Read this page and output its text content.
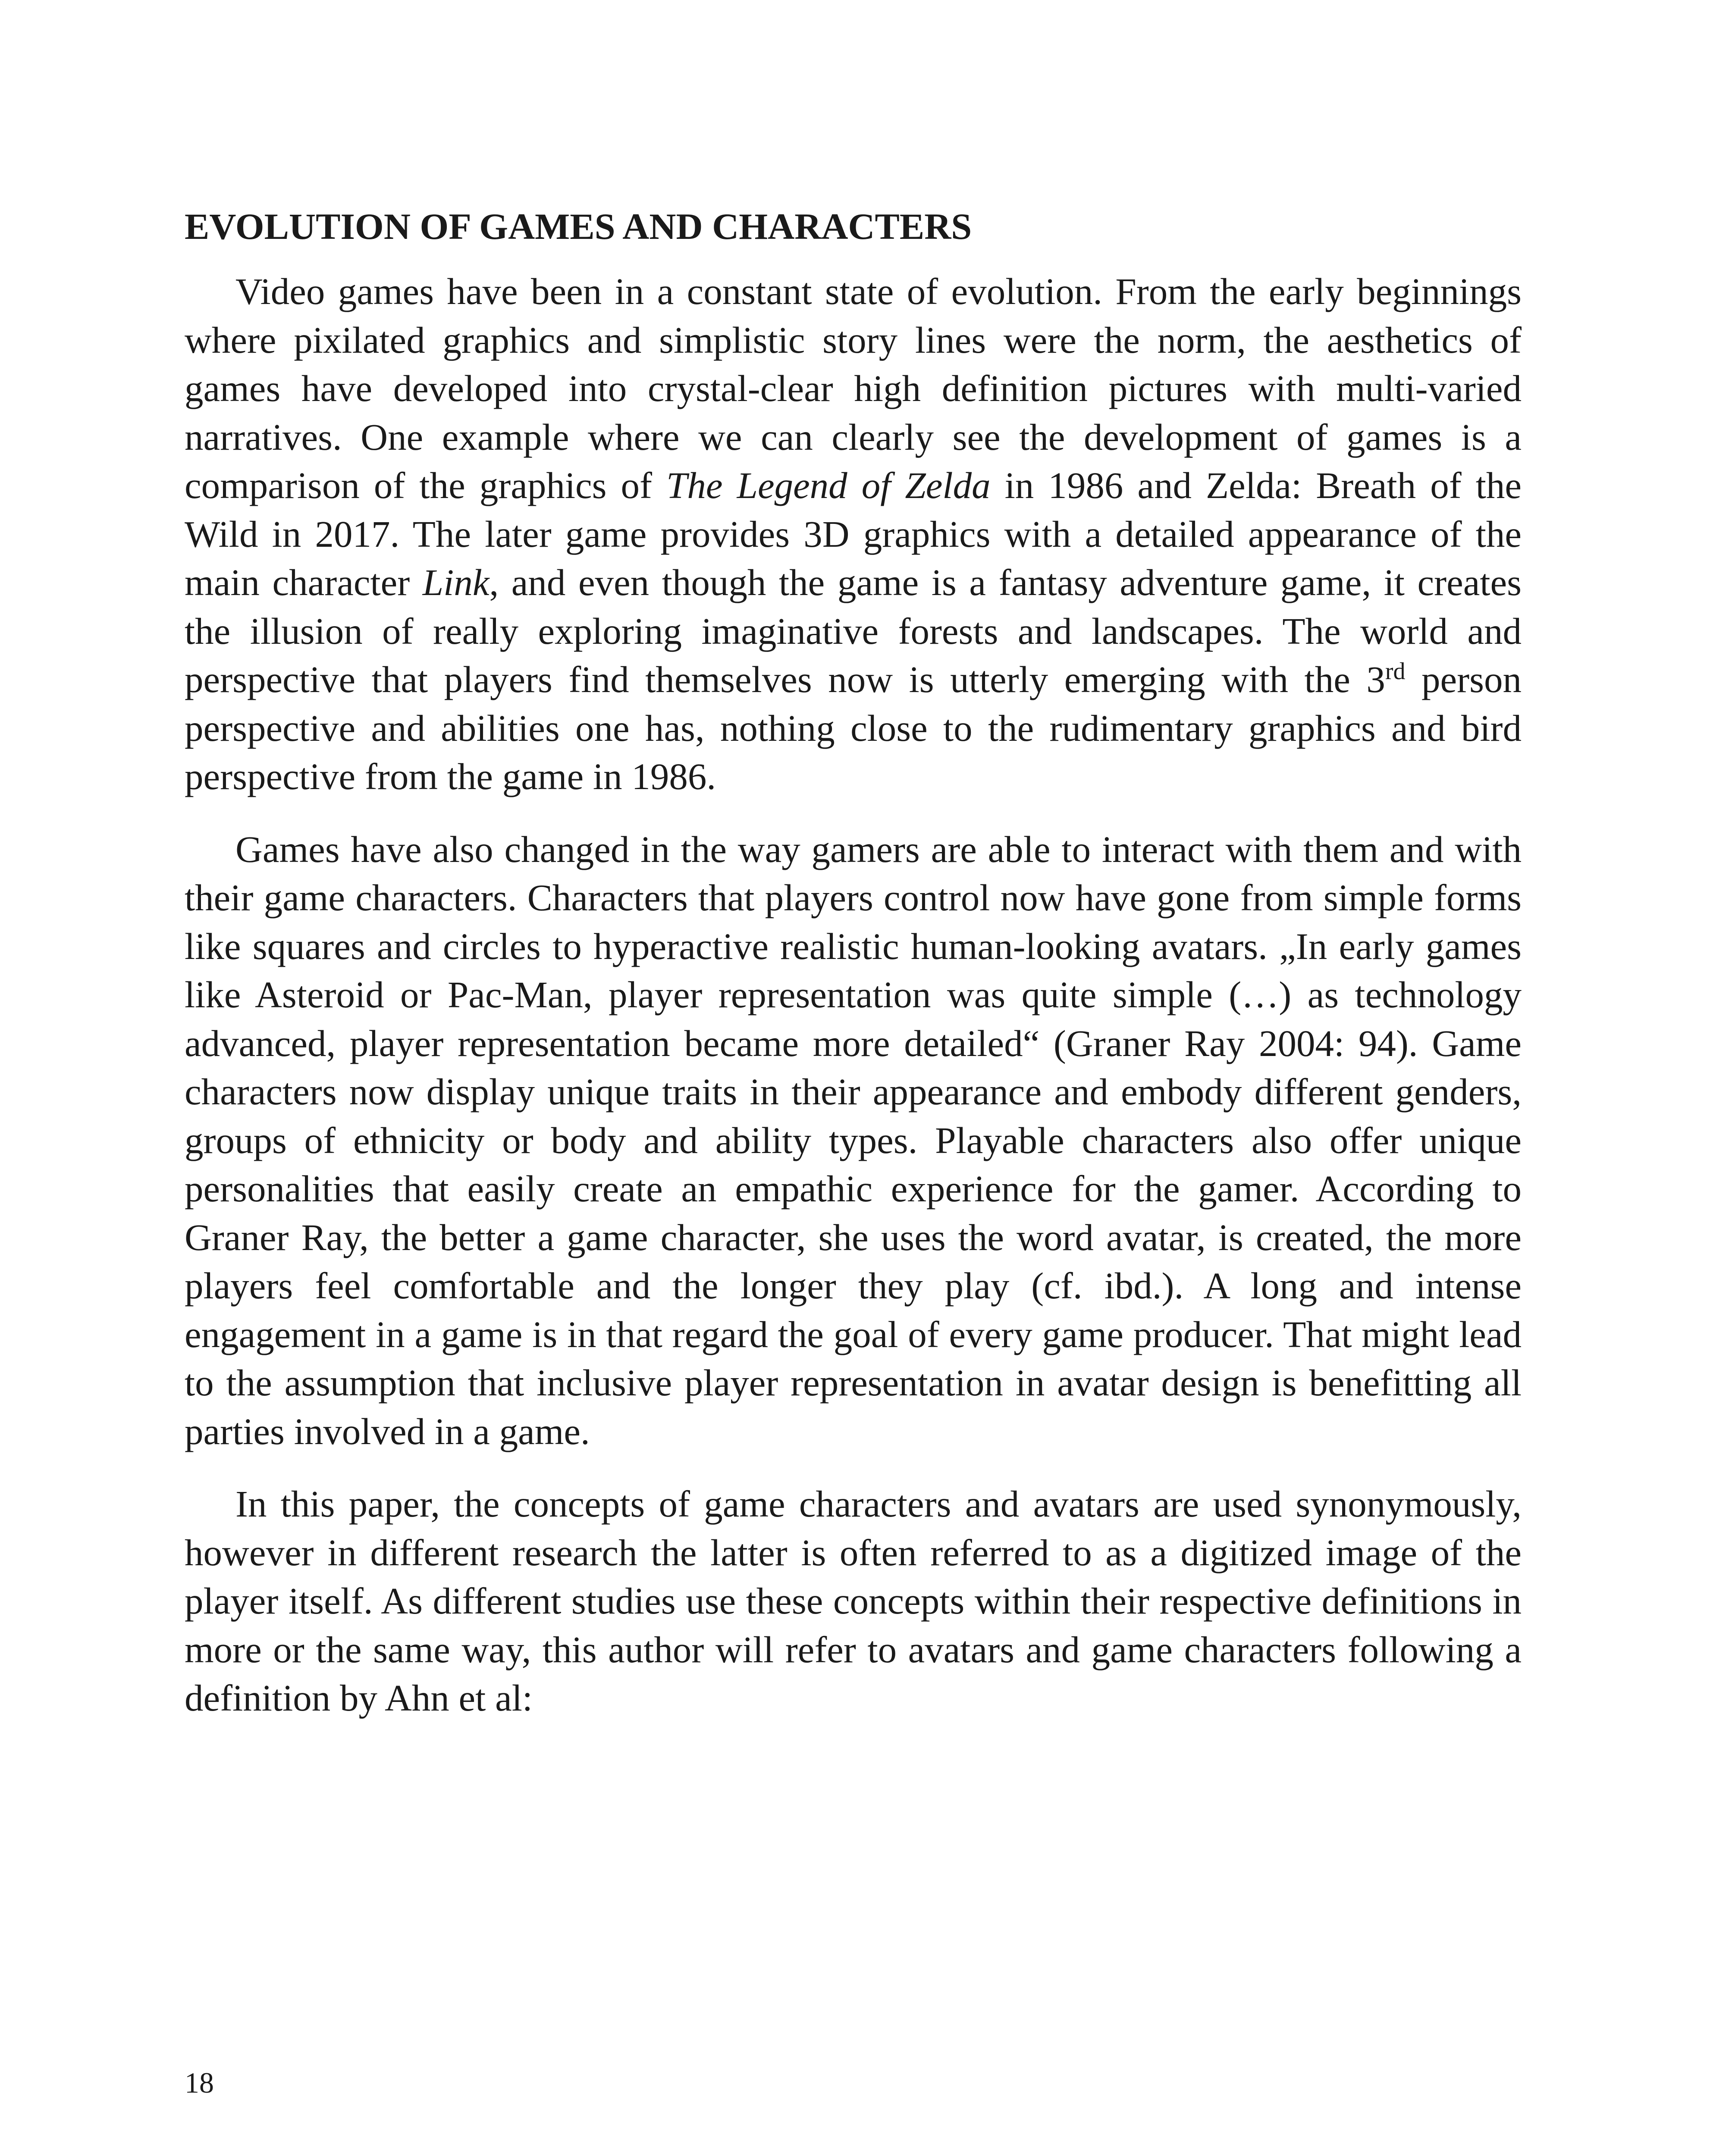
EVOLUTION OF GAMES AND CHARACTERS

Video games have been in a constant state of evolution. From the early beginnings where pixilated graphics and simplistic story lines were the norm, the aesthetics of games have developed into crystal-clear high definition pictures with multi-varied narratives. One example where we can clearly see the development of games is a comparison of the graphics of The Legend of Zelda in 1986 and Zelda: Breath of the Wild in 2017. The later game provides 3D graphics with a detailed appearance of the main character Link, and even though the game is a fantasy adventure game, it creates the illusion of really exploring imaginative forests and landscapes. The world and perspective that players find themselves now is utterly emerging with the 3rd person perspective and abilities one has, nothing close to the rudimentary graphics and bird perspective from the game in 1986.

Games have also changed in the way gamers are able to interact with them and with their game characters. Characters that players control now have gone from simple forms like squares and circles to hyperactive realistic human-looking avatars. „In early games like Asteroid or Pac-Man, player representation was quite simple (…) as technology advanced, player representation became more detailed“ (Graner Ray 2004: 94). Game characters now display unique traits in their appearance and embody different genders, groups of ethnicity or body and ability types. Playable characters also offer unique personalities that easily create an empathic experience for the gamer. According to Graner Ray, the better a game character, she uses the word avatar, is created, the more players feel comfortable and the longer they play (cf. ibd.). A long and intense engagement in a game is in that regard the goal of every game producer. That might lead to the assumption that inclusive player representation in avatar design is benefitting all parties involved in a game.

In this paper, the concepts of game characters and avatars are used synonymously, however in different research the latter is often referred to as a digitized image of the player itself. As different studies use these concepts within their respective definitions in more or the same way, this author will refer to avatars and game characters following a definition by Ahn et al:

18
